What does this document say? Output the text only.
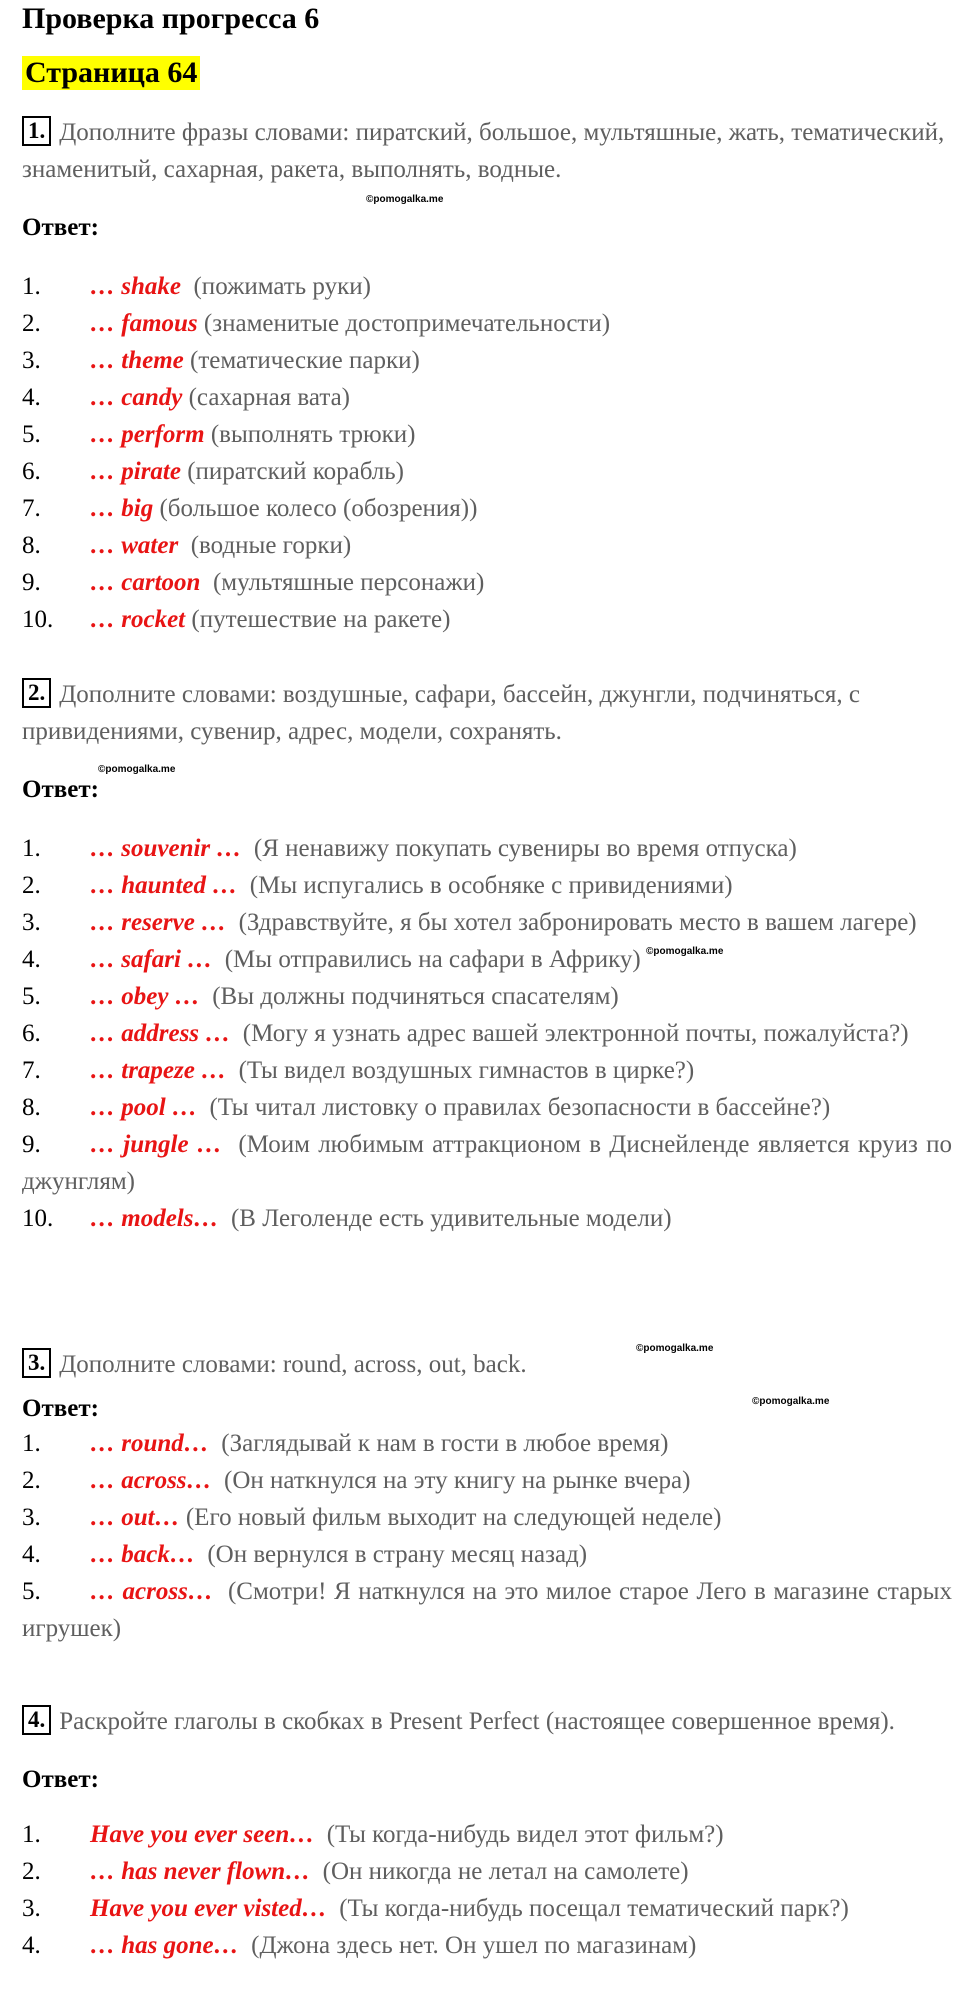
Проверка прогресса 6
Страница 64
1. Дополните фразы словами: пиратский, большое, мультяшные, жать, тематический, знаменитый, сахарная, ракета, выполнять, водные.
Ответ:
1. … shake (пожимать руки)
2. … famous (знаменитые достопримечательности)
3. … theme (тематические парки)
4. … candy (сахарная вата)
5. … perform (выполнять трюки)
6. … pirate (пиратский корабль)
7. … big (большое колесо (обозрения))
8. … water (водные горки)
9. … cartoon (мультяшные персонажи)
10. … rocket (путешествие на ракете)
2. Дополните словами: воздушные, сафари, бассейн, джунгли, подчиняться, с привидениями, сувенир, адрес, модели, сохранять.
Ответ:
1. … souvenir … (Я ненавижу покупать сувениры во время отпуска)
2. … haunted … (Мы испугались в особняке с привидениями)
3. … reserve … (Здравствуйте, я бы хотел забронировать место в вашем лагере)
4. … safari … (Мы отправились на сафари в Африку)
5. … obey … (Вы должны подчиняться спасателям)
6. … address … (Могу я узнать адрес вашей электронной почты, пожалуйста?)
7. … trapeze … (Ты видел воздушных гимнастов в цирке?)
8. … pool … (Ты читал листовку о правилах безопасности в бассейне?)
9. … jungle … (Моим любимым аттракционом в Диснейленде является круиз по джунглям)
10. … models… (В Леголенде есть удивительные модели)
3. Дополните словами: round, across, out, back.
Ответ:
1. … round… (Заглядывай к нам в гости в любое время)
2. … across… (Он наткнулся на эту книгу на рынке вчера)
3. … out… (Его новый фильм выходит на следующей неделе)
4. … back… (Он вернулся в страну месяц назад)
5. … across… (Смотри! Я наткнулся на это милое старое Лего в магазине старых игрушек)
4. Раскройте глаголы в скобках в Present Perfect (настоящее совершенное время).
Ответ:
1. Have you ever seen… (Ты когда-нибудь видел этот фильм?)
2. … has never flown… (Он никогда не летал на самолете)
3. Have you ever visted… (Ты когда-нибудь посещал тематический парк?)
4. … has gone… (Джона здесь нет. Он ушел по магазинам)
©pomogalka.me
©pomogalka.me
©pomogalka.me
©pomogalka.me
©pomogalka.me
